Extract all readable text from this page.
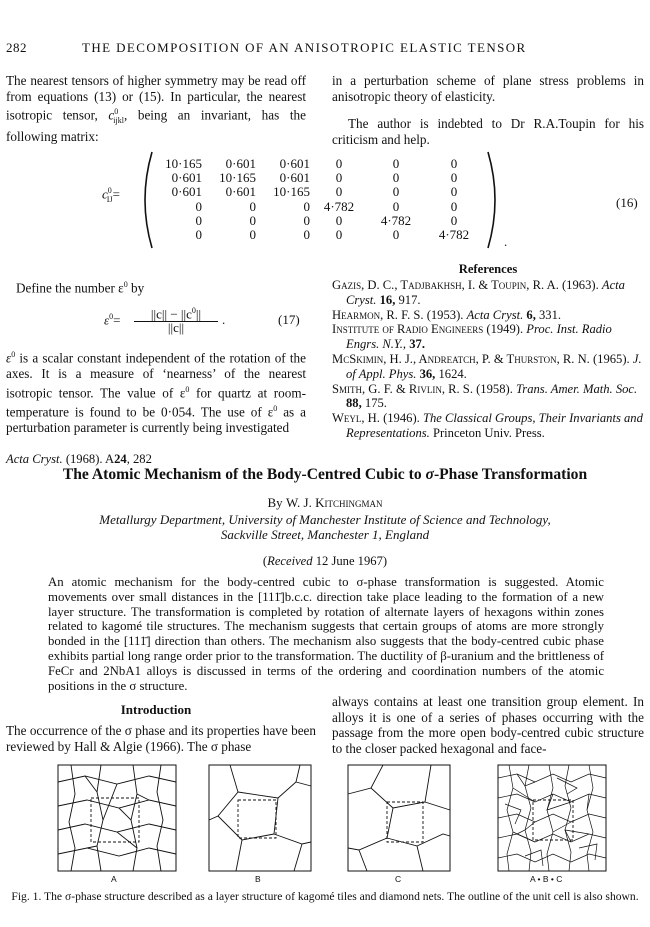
282	THE DECOMPOSITION OF AN ANISOTROPIC ELASTIC TENSOR

The nearest tensors of higher symmetry may be read off from equations (13) or (15). In particular, the nearest isotropic tensor, $c^0_{ijkl}$, being an invariant, has the following matrix:

in a perturbation scheme of plane stress problems in anisotropic theory of elasticity.

The author is indebted to Dr R.A.Toupin for his criticism and help.

$c^0_{IJ}=$
10·165	0·601	0·601	0	0	0
0·601	10·165	0·601	0	0	0
0·601	0·601	10·165	0	0	0
0	0	0	4·782	0	0
0	0	0	0	4·782	0
0	0	0	0	0	4·782	.
(16)
Define the number $\varepsilon^0$ by
$\varepsilon^0=$	$||c|| - ||c^0||$
||c||
.	(17)

$\varepsilon^0$ is a scalar constant independent of the rotation of the axes. It is a measure of ‘nearness’ of the nearest isotropic tensor. The value of $\varepsilon^0$ for quartz at room-temperature is found to be 0·054. The use of $\varepsilon^0$ as a perturbation parameter is currently being investigated

References

Gazis, D. C., Tadjbakhsh, I. & Toupin, R. A. (1963). Acta Cryst. 16, 917.

Hearmon, R. F. S. (1953). Acta Cryst. 6, 331.

Institute of Radio Engineers (1949). Proc. Inst. Radio Engrs. N.Y., 37.

McSkimin, H. J., Andreatch, P. & Thurston, R. N. (1965). J. of Appl. Phys. 36, 1624.

Smith, G. F. & Rivlin, R. S. (1958). Trans. Amer. Math. Soc. 88, 175.

Weyl, H. (1946). The Classical Groups, Their Invariants and Representations. Princeton Univ. Press.

Acta Cryst. (1968). A24, 282
The Atomic Mechanism of the Body-Centred Cubic to σ-Phase Transformation
By W. J. Kitchingman
Metallurgy Department, University of Manchester Institute of Science and Technology,
Sackville Street, Manchester 1, England
(Received 12 June 1967)
An atomic mechanism for the body-centred cubic to σ-phase transformation is suggested. Atomic movements over small distances in the [111̄]b.c.c. direction take place leading to the formation of a new layer structure. The transformation is completed by rotation of alternate layers of hexagons within zones related to kagomé tile structures. The mechanism suggests that certain groups of atoms are more strongly bonded in the [111̄] direction than others. The mechanism also suggests that the body-centred cubic phase exhibits partial long range order prior to the transformation. The ductility of β-uranium and the brittleness of FeCr and 2NbA1 alloys is discussed in terms of the ordering and coordination numbers of the atomic positions in the σ structure.
Introduction
The occurrence of the σ phase and its properties have been reviewed by Hall & Algie (1966). The σ phase
always contains at least one transition group element. In alloys it is one of a series of phases occurring with the passage from the more open body-centred cubic structure to the closer packed hexagonal and face-
A	B	C	A • B • C
Fig. 1. The σ-phase structure described as a layer structure of kagomé tiles and diamond nets. The outline of the unit cell is also shown.
